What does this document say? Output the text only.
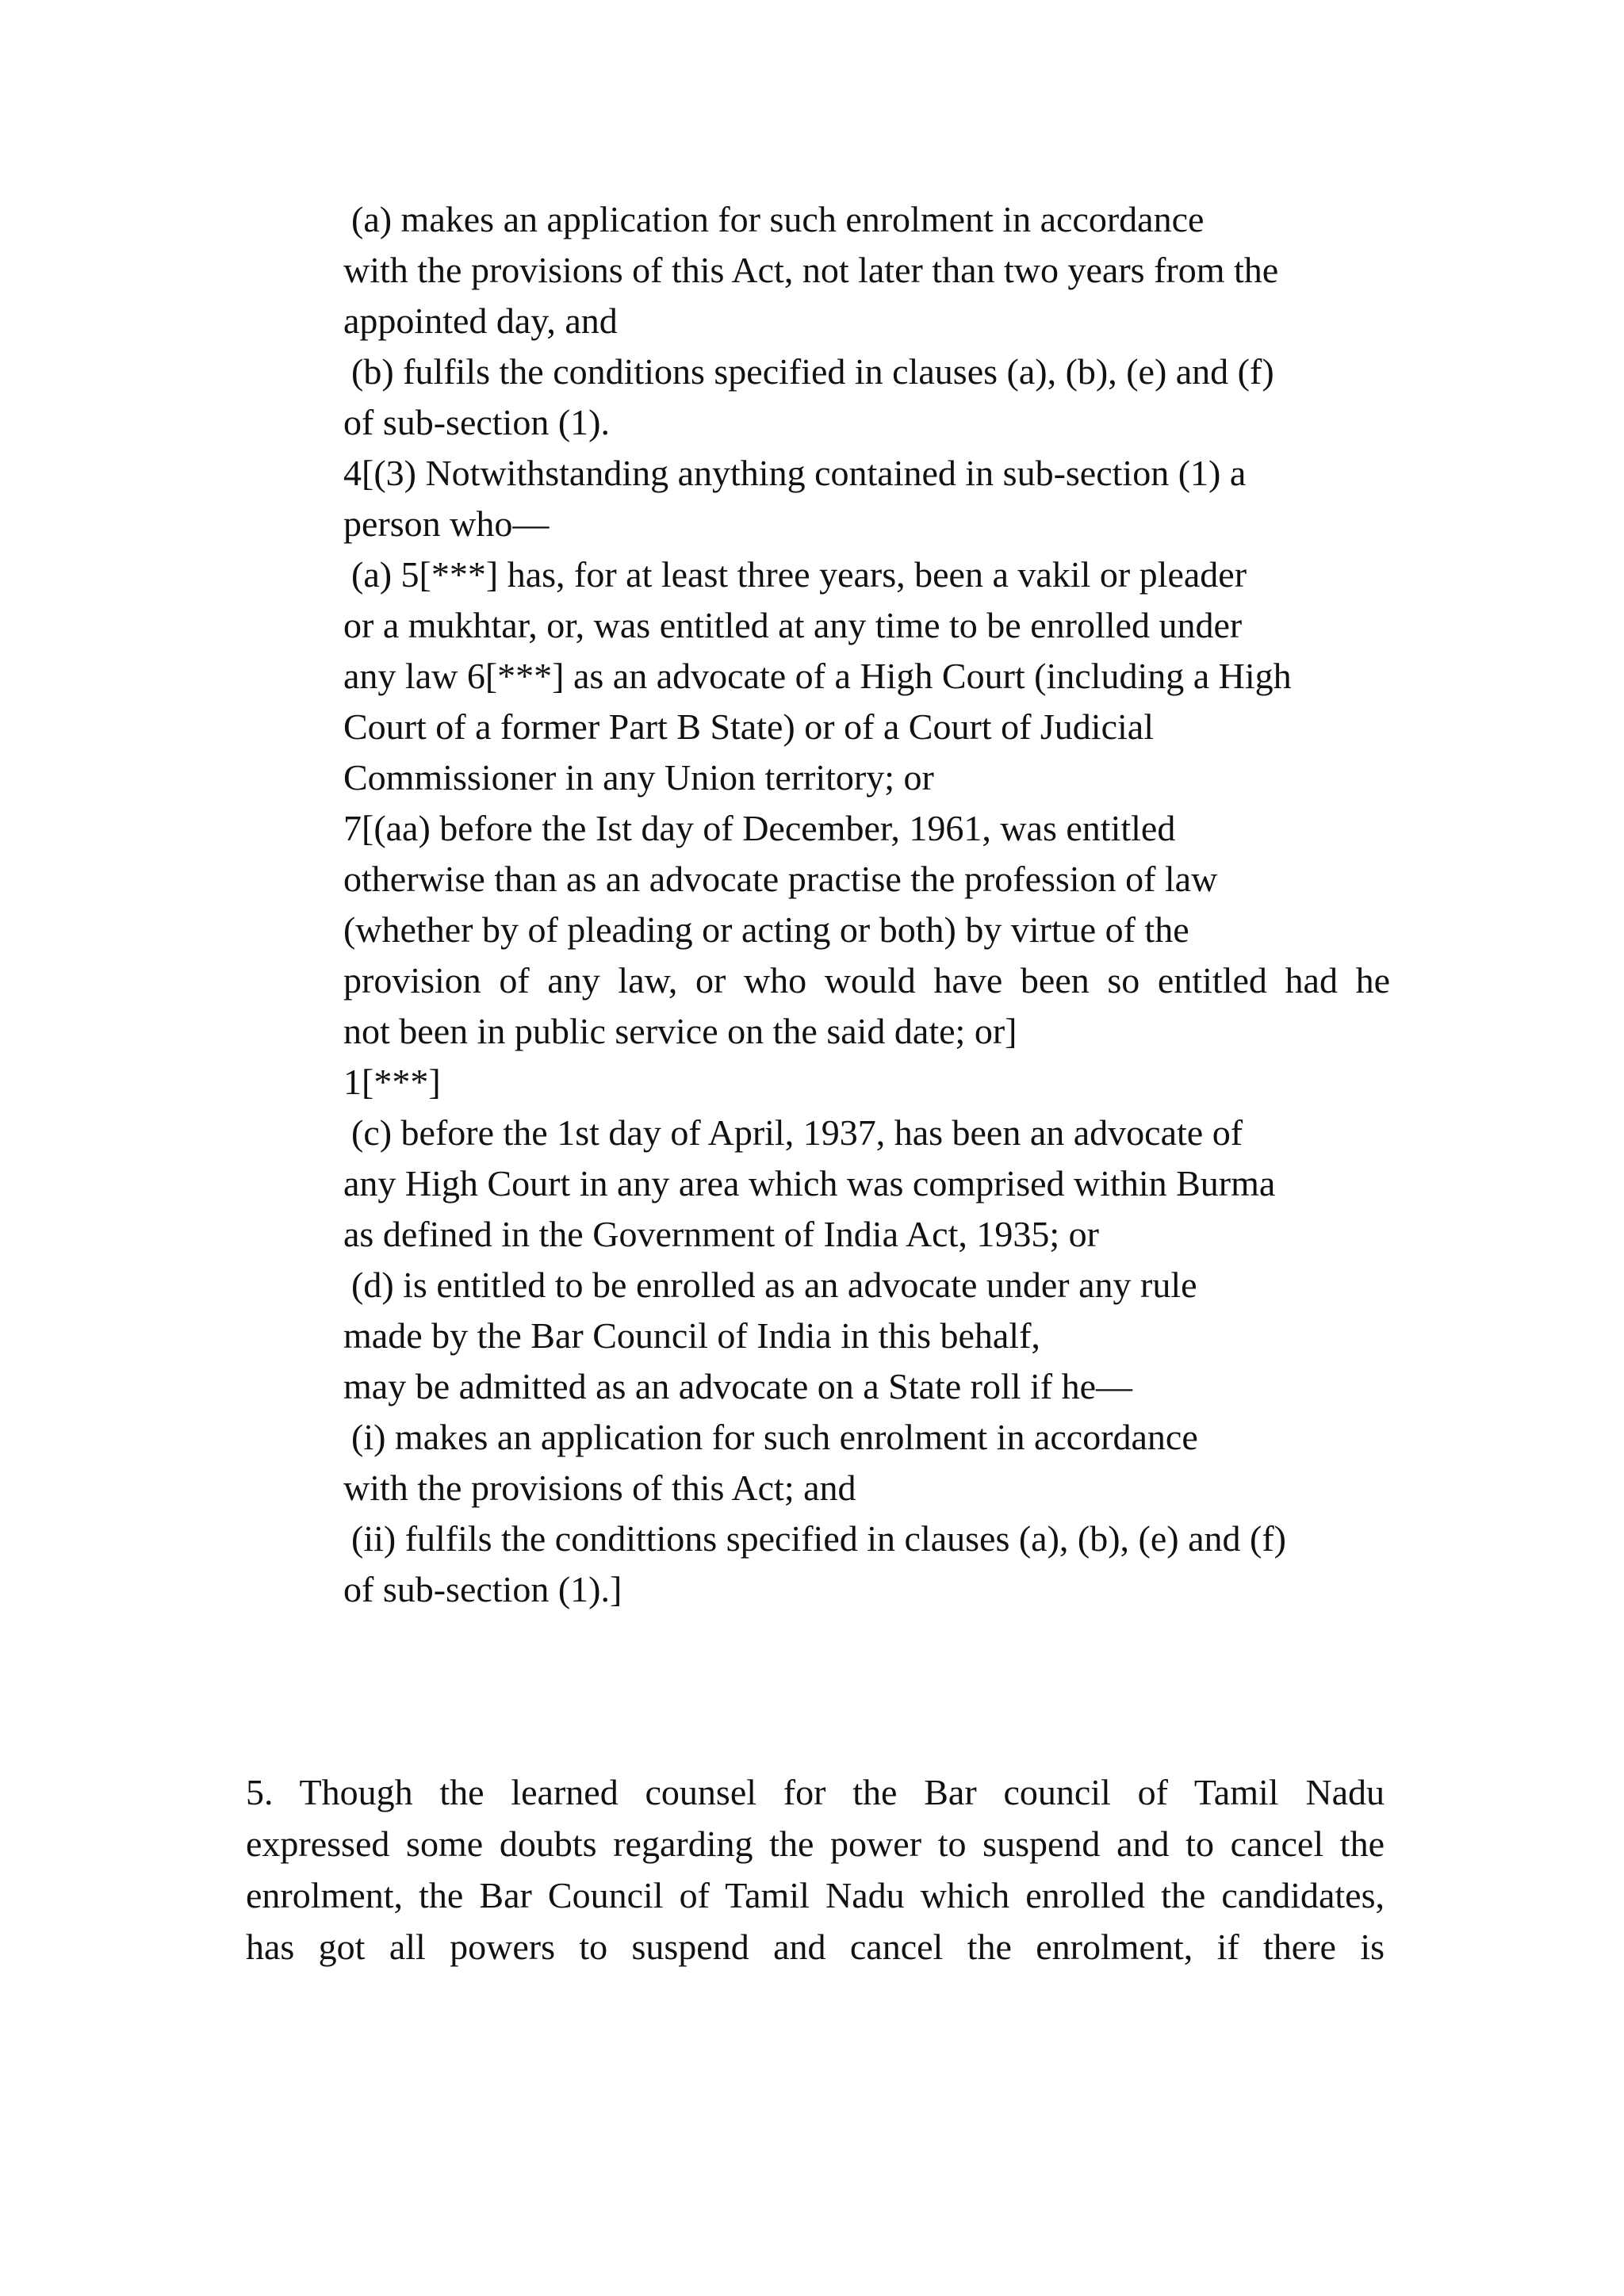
(a) makes an application for such enrolment in accordance
with the provisions of this Act, not later than two years from the
appointed day, and
(b) fulfils the conditions specified in clauses (a), (b), (e) and (f)
of sub-section (1).
4[(3) Notwithstanding anything contained in sub-section (1) a
person who—
(a) 5[***] has, for at least three years, been a vakil or pleader
or a mukhtar, or, was entitled at any time to be enrolled under
any law 6[***] as an advocate of a High Court (including a High
Court of a former Part B State) or of a Court of Judicial
Commissioner in any Union territory; or
7[(aa) before the Ist day of December, 1961, was entitled
otherwise than as an advocate practise the profession of law
(whether by of pleading or acting or both) by virtue of the
provision of any law, or who would have been so entitled had he
not been in public service on the said date; or]
1[***]
(c) before the 1st day of April, 1937, has been an advocate of
any High Court in any area which was comprised within Burma
as defined in the Government of India Act, 1935; or
(d) is entitled to be enrolled as an advocate under any rule
made by the Bar Council of India in this behalf,
may be admitted as an advocate on a State roll if he—
(i) makes an application for such enrolment in accordance
with the provisions of this Act; and
(ii) fulfils the condittions specified in clauses (a), (b), (e) and (f)
of sub-section (1).]
5. Though the learned counsel for the Bar council of Tamil Nadu
expressed some doubts regarding the power to suspend and to cancel the
enrolment, the Bar Council of Tamil Nadu which enrolled the candidates,
has got all powers to suspend and cancel the enrolment, if there is
